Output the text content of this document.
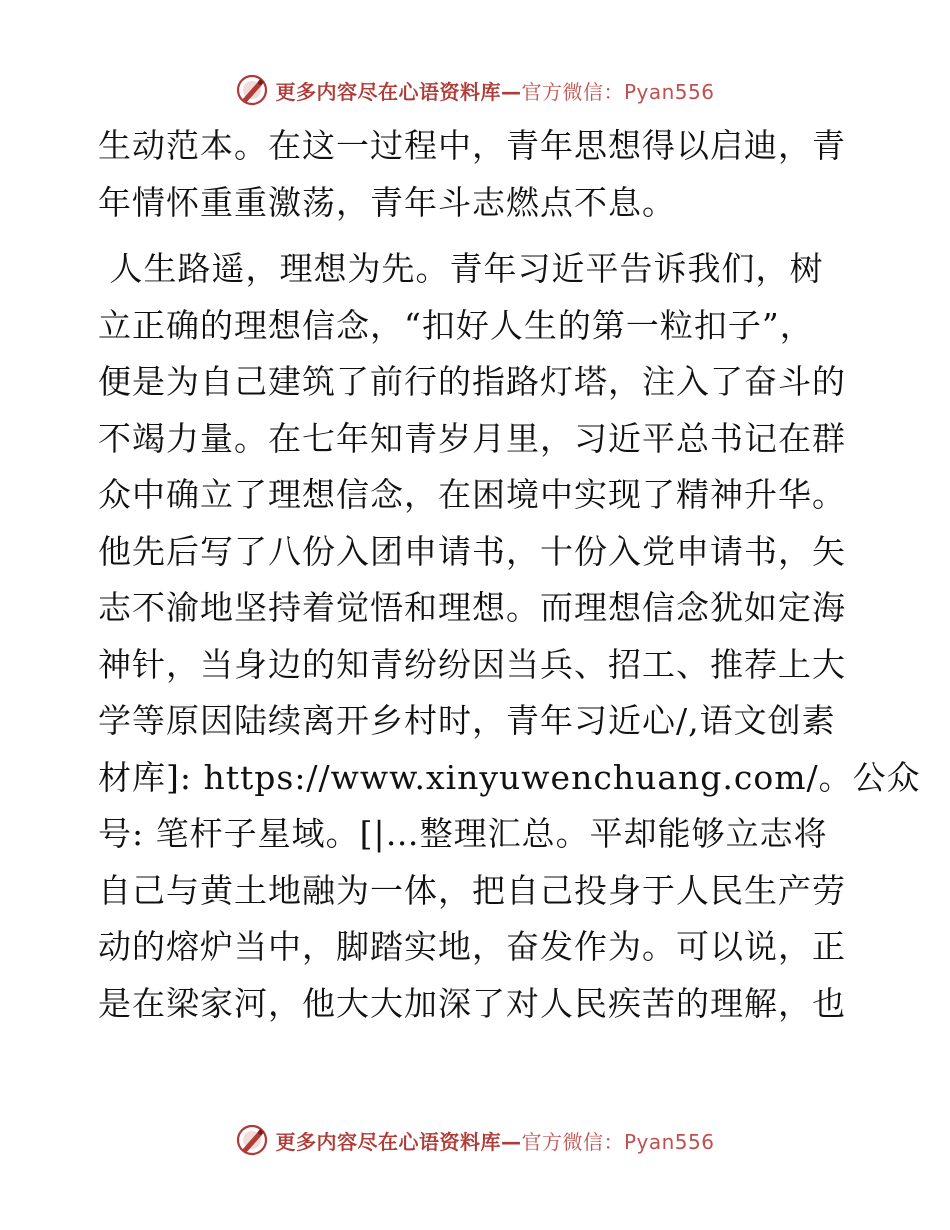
更多内容尽在心语资料库—官方微信：Pyan556
生动范本。在这一过程中，青年思想得以启迪，青
年情怀重重激荡，青年斗志燃点不息。
人生路遥，理想为先。青年习近平告诉我们，树
立正确的理想信念，“扣好人生的第一粒扣子”，
便是为自己建筑了前行的指路灯塔，注入了奋斗的
不竭力量。在七年知青岁月里，习近平总书记在群
众中确立了理想信念，在困境中实现了精神升华。
他先后写了八份入团申请书，十份入党申请书，矢
志不渝地坚持着觉悟和理想。而理想信念犹如定海
神针，当身边的知青纷纷因当兵、招工、推荐上大
学等原因陆续离开乡村时，青年习近心/,语文创素
材库]: https://www.xinyuwenchuang.com/。公众
号: 笔杆子星域。[|…整理汇总。平却能够立志将
自己与黄土地融为一体，把自己投身于人民生产劳
动的熔炉当中，脚踏实地，奋发作为。可以说，正
是在梁家河，他大大加深了对人民疾苦的理解，也
更多内容尽在心语资料库—官方微信：Pyan556
